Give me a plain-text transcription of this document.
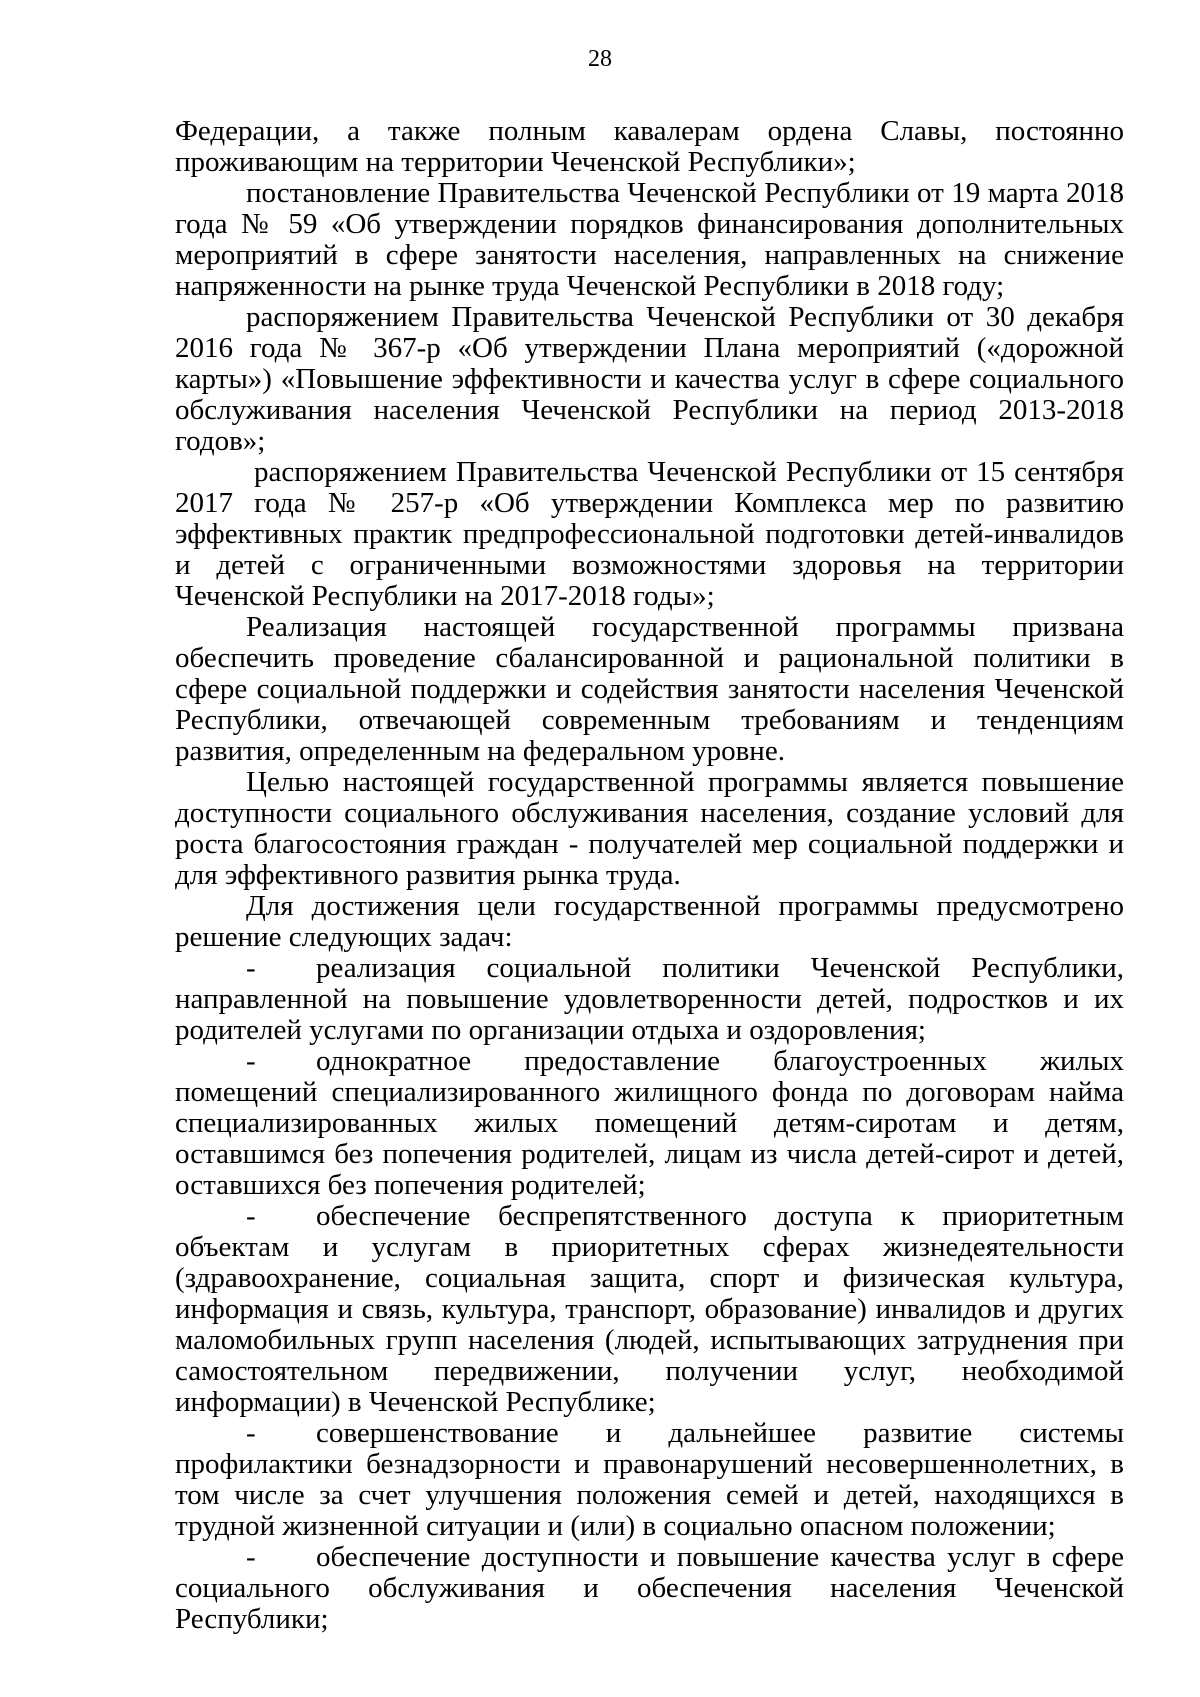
28

Федерации, а также полным кавалерам ордена Славы, постоянно проживающим на территории Чеченской Республики»;

постановление Правительства Чеченской Республики от 19 марта 2018 года № 59 «Об утверждении порядков финансирования дополнительных мероприятий в сфере занятости населения, направленных на снижение напряженности на рынке труда Чеченской Республики в 2018 году;

распоряжением Правительства Чеченской Республики от 30 декабря 2016 года № 367-р «Об утверждении Плана мероприятий («дорожной карты») «Повышение эффективности и качества услуг в сфере социального обслуживания населения Чеченской Республики на период 2013-2018 годов»;

распоряжением Правительства Чеченской Республики от 15 сентября 2017 года № 257-р «Об утверждении Комплекса мер по развитию эффективных практик предпрофессиональной подготовки детей-инвалидов и детей с ограниченными возможностями здоровья на территории Чеченской Республики на 2017-2018 годы»;

Реализация настоящей государственной программы призвана обеспечить проведение сбалансированной и рациональной политики в сфере социальной поддержки и содействия занятости населения Чеченской Республики, отвечающей современным требованиям и тенденциям развития, определенным на федеральном уровне.

Целью настоящей государственной программы является повышение доступности социального обслуживания населения, создание условий для роста благосостояния граждан - получателей мер социальной поддержки и для эффективного развития рынка труда.

Для достижения цели государственной программы предусмотрено решение следующих задач:

- реализация социальной политики Чеченской Республики, направленной на повышение удовлетворенности детей, подростков и их родителей услугами по организации отдыха и оздоровления;

- однократное предоставление благоустроенных жилых помещений специализированного жилищного фонда по договорам найма специализированных жилых помещений детям-сиротам и детям, оставшимся без попечения родителей, лицам из числа детей-сирот и детей, оставшихся без попечения родителей;

- обеспечение беспрепятственного доступа к приоритетным объектам и услугам в приоритетных сферах жизнедеятельности (здравоохранение, социальная защита, спорт и физическая культура, информация и связь, культура, транспорт, образование) инвалидов и других маломобильных групп населения (людей, испытывающих затруднения при самостоятельном передвижении, получении услуг, необходимой информации) в Чеченской Республике;

- совершенствование и дальнейшее развитие системы профилактики безнадзорности и правонарушений несовершеннолетних, в том числе за счет улучшения положения семей и детей, находящихся в трудной жизненной ситуации и (или) в социально опасном положении;

- обеспечение доступности и повышение качества услуг в сфере социального обслуживания и обеспечения населения Чеченской Республики;
